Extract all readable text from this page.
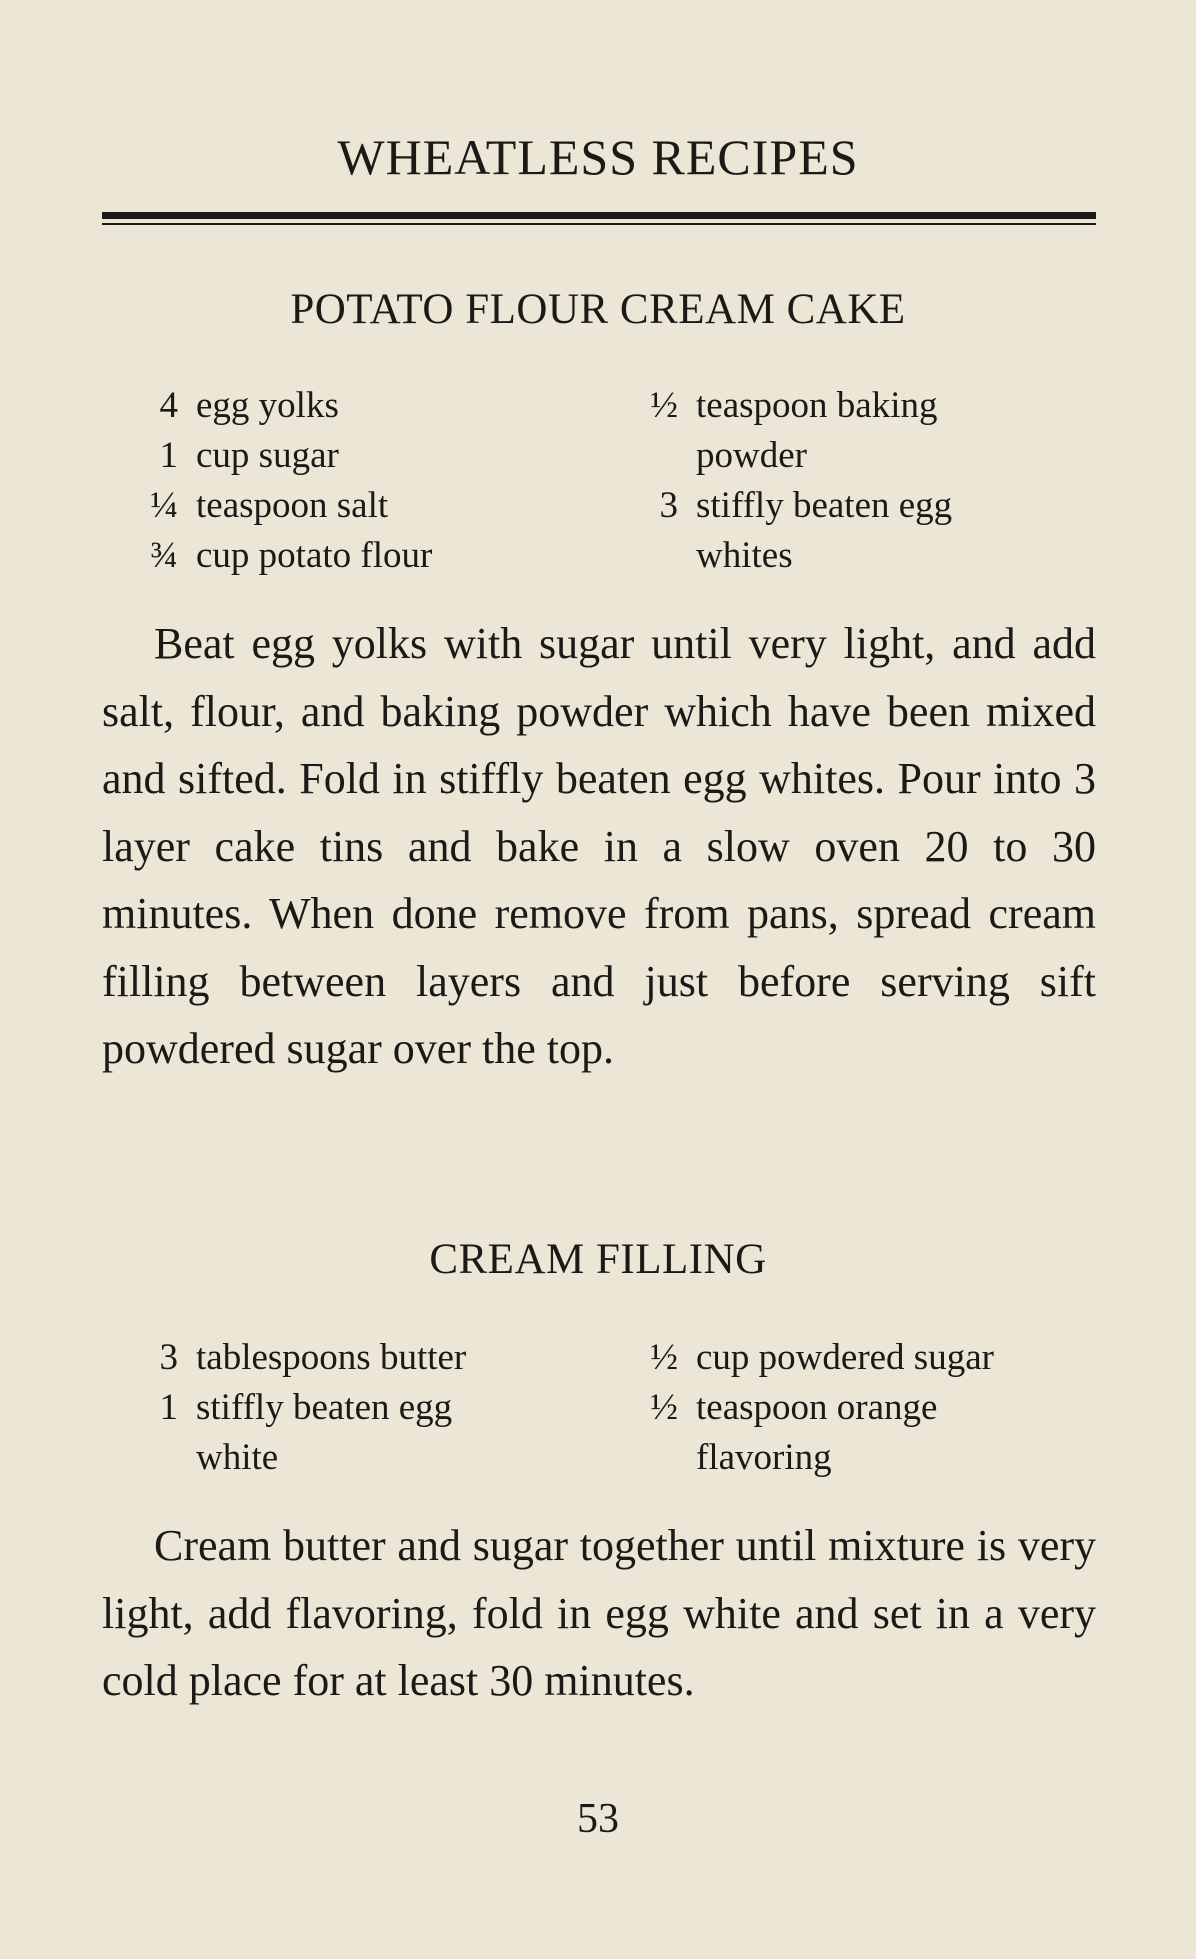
WHEATLESS RECIPES
POTATO FLOUR CREAM CAKE
4 egg yolks
1 cup sugar
¼ teaspoon salt
¾ cup potato flour
½ teaspoon baking
powder
3 stiffly beaten egg
whites
Beat egg yolks with sugar until very light, and add salt, flour, and baking powder which have been mixed and sifted. Fold in stiffly beaten egg whites. Pour into 3 layer cake tins and bake in a slow oven 20 to 30 minutes. When done remove from pans, spread cream filling between layers and just before serving sift powdered sugar over the top.
CREAM FILLING
3 tablespoons butter
1 stiffly beaten egg
white
½ cup powdered sugar
½ teaspoon orange
flavoring
Cream butter and sugar together until mixture is very light, add flavoring, fold in egg white and set in a very cold place for at least 30 minutes.
53
